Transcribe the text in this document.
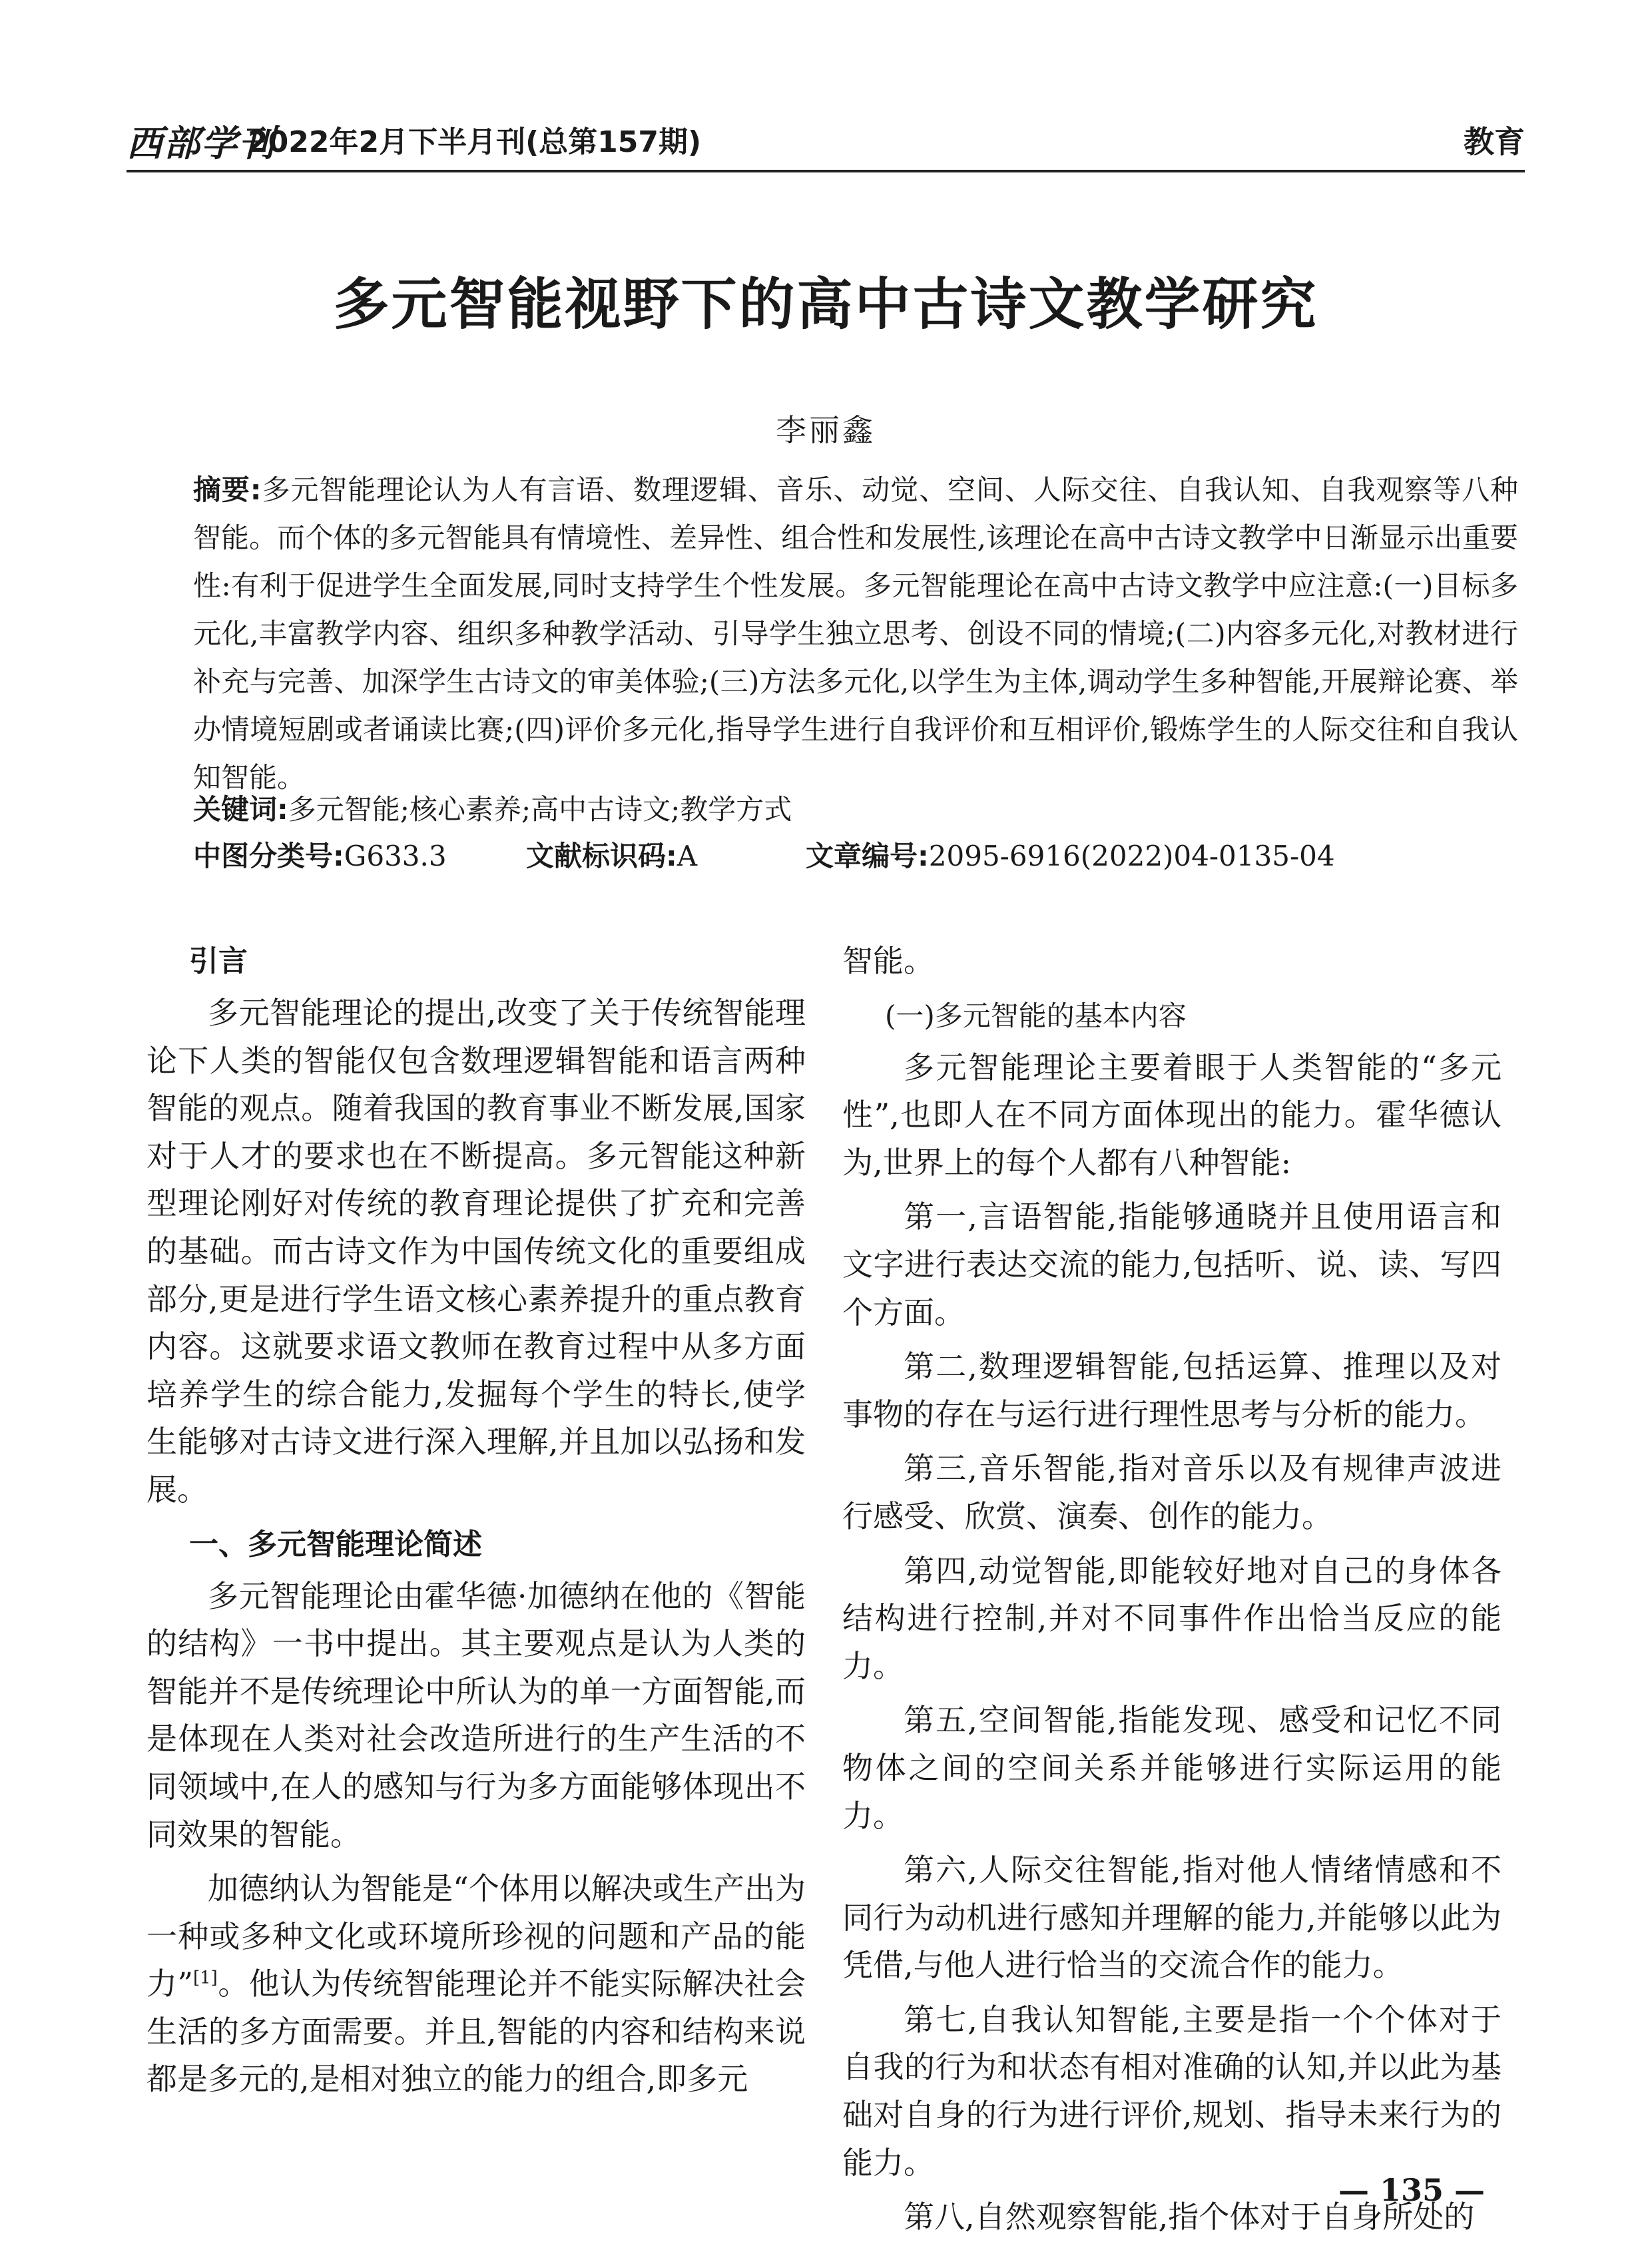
西部学刊
2022年2月下半月刊(总第157期)	教育
多元智能视野下的高中古诗文教学研究
李丽鑫
摘要:多元智能理论认为人有言语、数理逻辑、音乐、动觉、空间、人际交往、自我认知、自我观察等八种智能。而个体的多元智能具有情境性、差异性、组合性和发展性,该理论在高中古诗文教学中日渐显示出重要性:有利于促进学生全面发展,同时支持学生个性发展。多元智能理论在高中古诗文教学中应注意:(一)目标多元化,丰富教学内容、组织多种教学活动、引导学生独立思考、创设不同的情境;(二)内容多元化,对教材进行补充与完善、加深学生古诗文的审美体验;(三)方法多元化,以学生为主体,调动学生多种智能,开展辩论赛、举办情境短剧或者诵读比赛;(四)评价多元化,指导学生进行自我评价和互相评价,锻炼学生的人际交往和自我认知智能。
关键词:多元智能;核心素养;高中古诗文;教学方式
中图分类号:G633.3	文献标识码:A	文章编号:2095-6916(2022)04-0135-04
引言

多元智能理论的提出,改变了关于传统智能理论下人类的智能仅包含数理逻辑智能和语言两种智能的观点。随着我国的教育事业不断发展,国家对于人才的要求也在不断提高。多元智能这种新型理论刚好对传统的教育理论提供了扩充和完善的基础。而古诗文作为中国传统文化的重要组成部分,更是进行学生语文核心素养提升的重点教育内容。这就要求语文教师在教育过程中从多方面培养学生的综合能力,发掘每个学生的特长,使学生能够对古诗文进行深入理解,并且加以弘扬和发展。

一、多元智能理论简述

多元智能理论由霍华德·加德纳在他的《智能的结构》一书中提出。其主要观点是认为人类的智能并不是传统理论中所认为的单一方面智能,而是体现在人类对社会改造所进行的生产生活的不同领域中,在人的感知与行为多方面能够体现出不同效果的智能。

加德纳认为智能是“个体用以解决或生产出为一种或多种文化或环境所珍视的问题和产品的能力”[1]。他认为传统智能理论并不能实际解决社会生活的多方面需要。并且,智能的内容和结构来说都是多元的,是相对独立的能力的组合,即多元

智能。

(一)多元智能的基本内容

多元智能理论主要着眼于人类智能的“多元性”,也即人在不同方面体现出的能力。霍华德认为,世界上的每个人都有八种智能:

第一,言语智能,指能够通晓并且使用语言和文字进行表达交流的能力,包括听、说、读、写四个方面。

第二,数理逻辑智能,包括运算、推理以及对事物的存在与运行进行理性思考与分析的能力。

第三,音乐智能,指对音乐以及有规律声波进行感受、欣赏、演奏、创作的能力。

第四,动觉智能,即能较好地对自己的身体各结构进行控制,并对不同事件作出恰当反应的能力。

第五,空间智能,指能发现、感受和记忆不同物体之间的空间关系并能够进行实际运用的能力。

第六,人际交往智能,指对他人情绪情感和不同行为动机进行感知并理解的能力,并能够以此为凭借,与他人进行恰当的交流合作的能力。

第七,自我认知智能,主要是指一个个体对于自我的行为和状态有相对准确的认知,并以此为基础对自身的行为进行评价,规划、指导未来行为的能力。

第八,自然观察智能,指个体对于自身所处的

— 135 —
